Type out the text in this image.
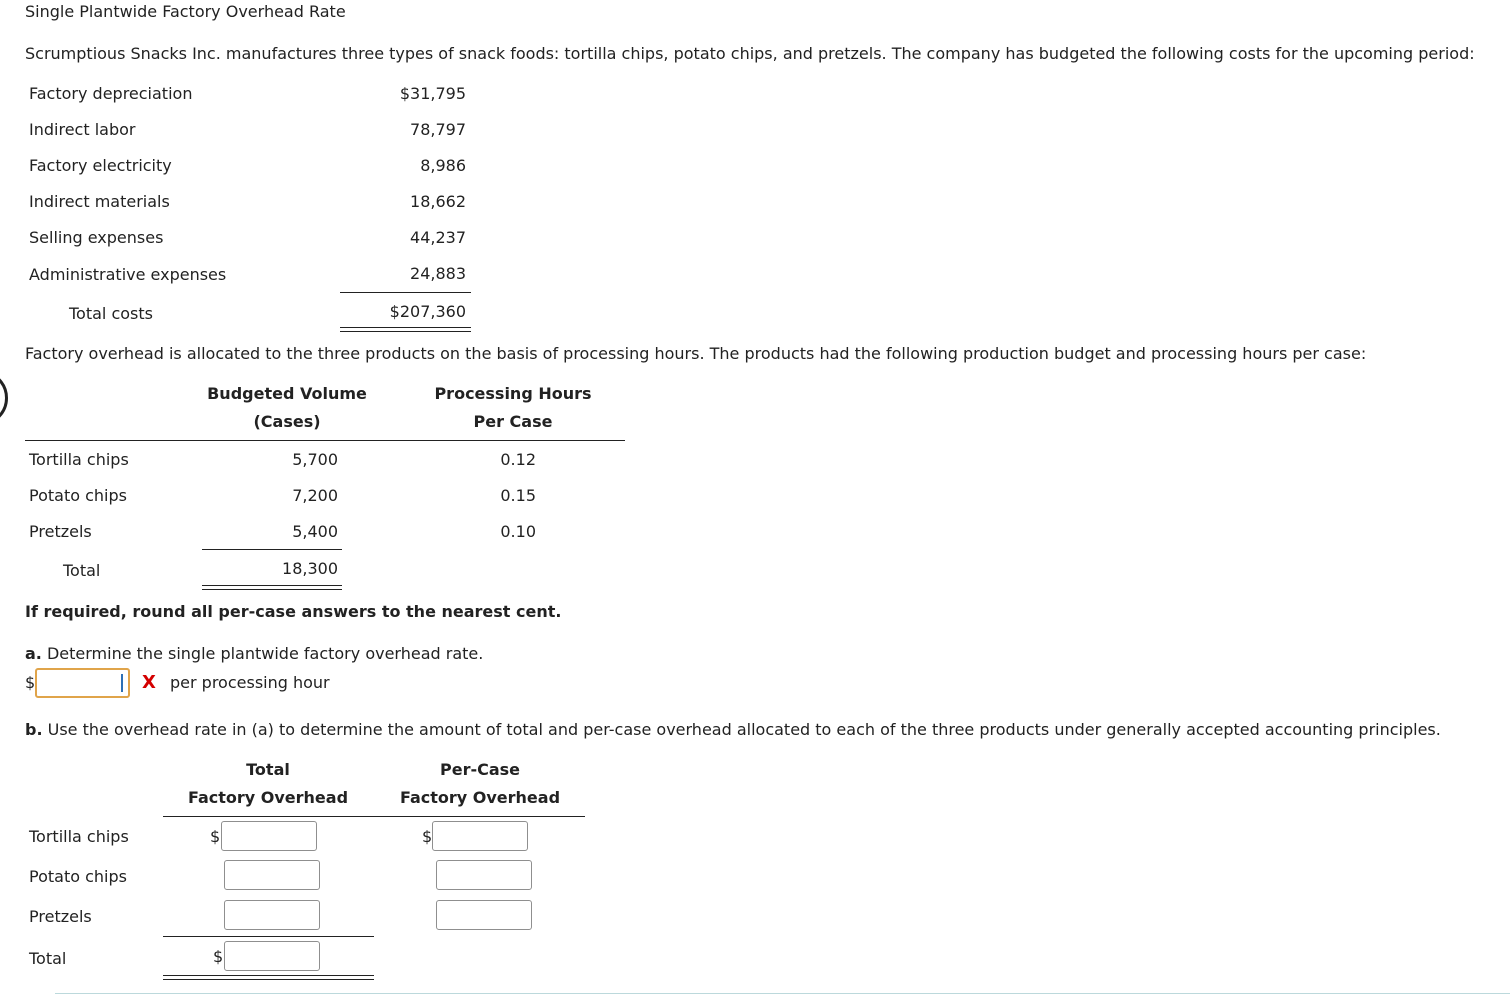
Single Plantwide Factory Overhead Rate
Scrumptious Snacks Inc. manufactures three types of snack foods: tortilla chips, potato chips, and pretzels. The company has budgeted the following costs for the upcoming period:
Factory depreciation	$31,795
Indirect labor	78,797
Factory electricity	8,986
Indirect materials	18,662
Selling expenses	44,237
Administrative expenses	24,883
Total costs	$207,360
Factory overhead is allocated to the three products on the basis of processing hours. The products had the following production budget and processing hours per case:
Budgeted Volume
(Cases)
Processing Hours
Per Case
Tortilla chips	5,700	0.12
Potato chips	7,200	0.15
Pretzels	5,400	0.10
Total	18,300
If required, round all per-case answers to the nearest cent.
a. Determine the single plantwide factory overhead rate.
$	X per processing hour
b. Use the overhead rate in (a) to determine the amount of total and per-case overhead allocated to each of the three products under generally accepted accounting principles.
Total
Factory Overhead
Per-Case
Factory Overhead
Tortilla chips	$	$
Potato chips
Pretzels
Total	$
